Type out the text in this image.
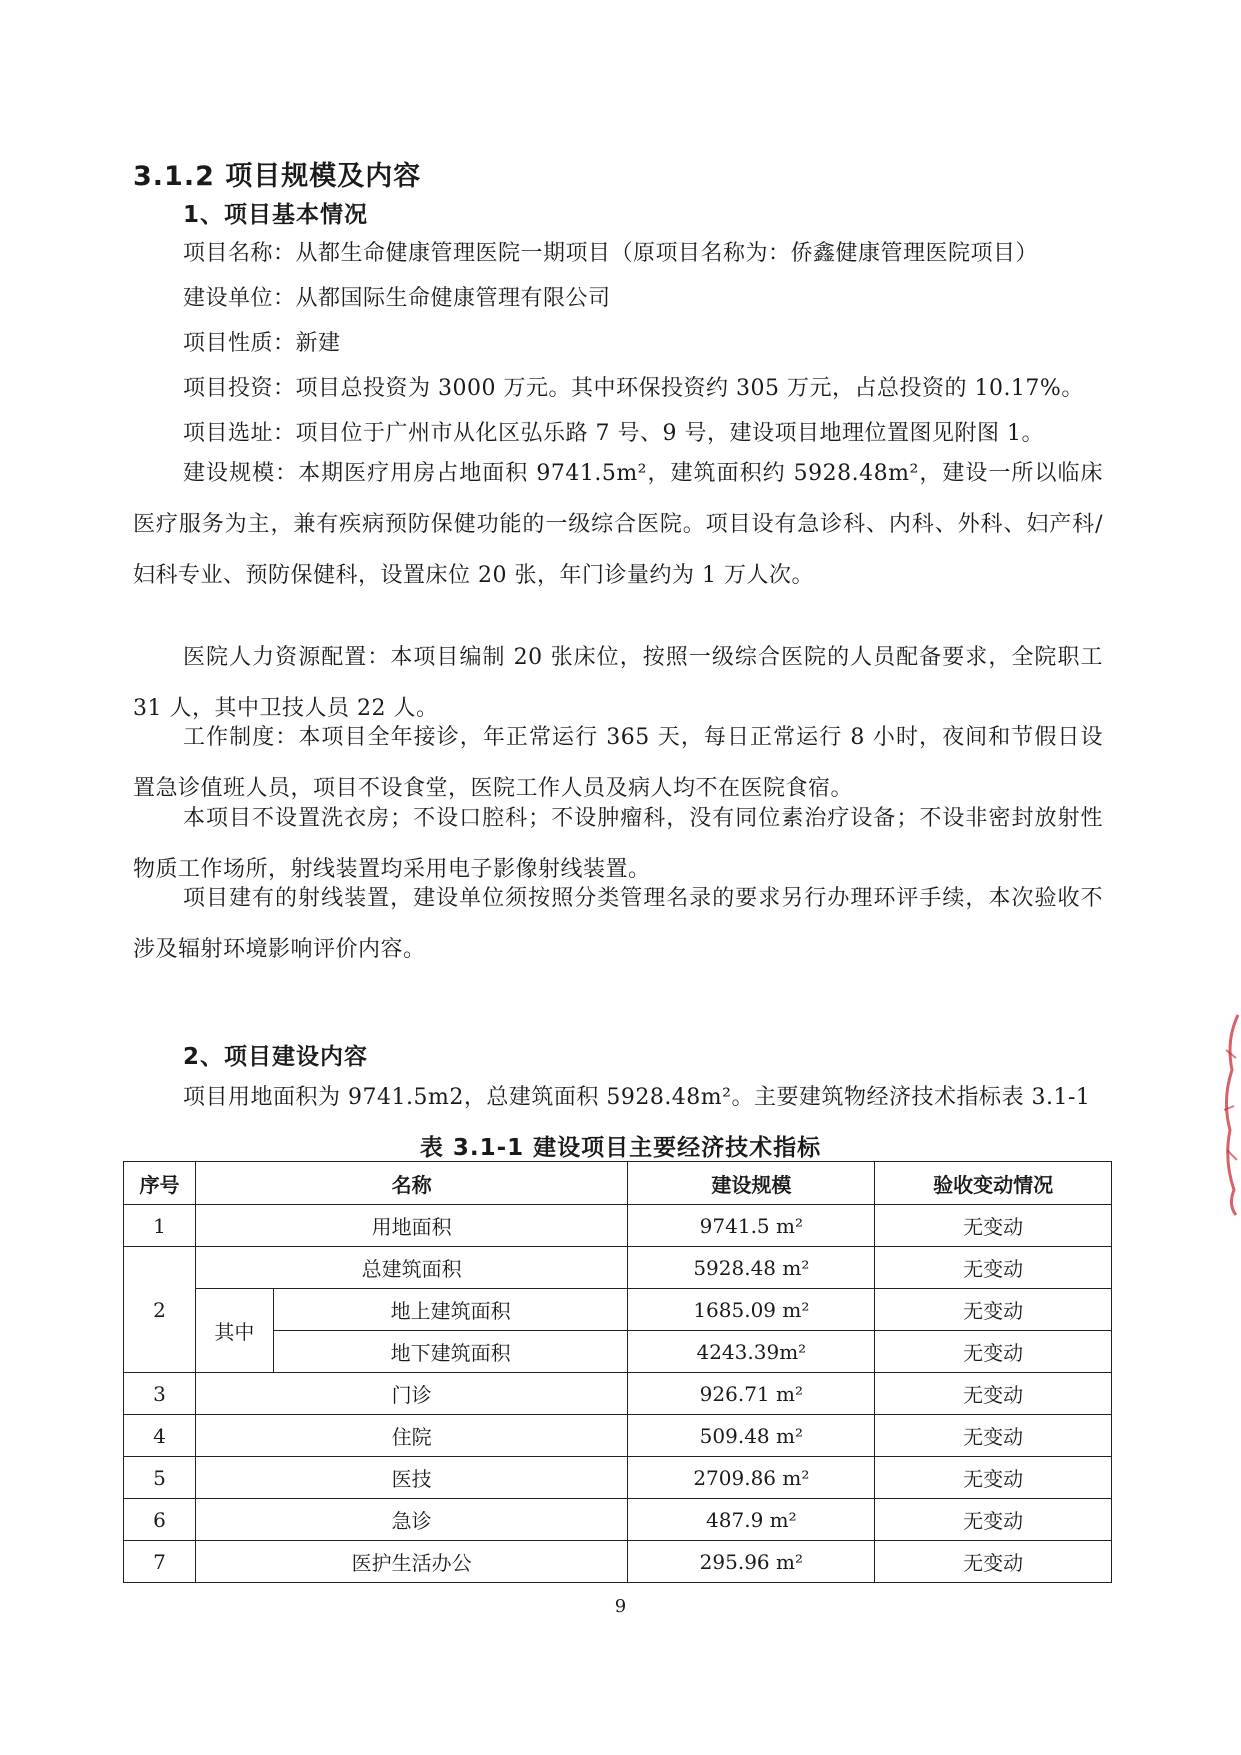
3.1.2 项目规模及内容
1、项目基本情况
项目名称：从都生命健康管理医院一期项目（原项目名称为：侨鑫健康管理医院项目）
建设单位：从都国际生命健康管理有限公司
项目性质：新建
项目投资：项目总投资为 3000 万元。其中环保投资约 305 万元，占总投资的 10.17%。
项目选址：项目位于广州市从化区弘乐路 7 号、9 号，建设项目地理位置图见附图 1。
建设规模：本期医疗用房占地面积 9741.5m²，建筑面积约 5928.48m²，建设一所以临床医疗服务为主，兼有疾病预防保健功能的一级综合医院。项目设有急诊科、内科、外科、妇产科/妇科专业、预防保健科，设置床位 20 张，年门诊量约为 1 万人次。
医院人力资源配置：本项目编制 20 张床位，按照一级综合医院的人员配备要求，全院职工 31 人，其中卫技人员 22 人。
工作制度：本项目全年接诊，年正常运行 365 天，每日正常运行 8 小时，夜间和节假日设置急诊值班人员，项目不设食堂，医院工作人员及病人均不在医院食宿。
本项目不设置洗衣房；不设口腔科；不设肿瘤科，没有同位素治疗设备；不设非密封放射性物质工作场所，射线装置均采用电子影像射线装置。
项目建有的射线装置，建设单位须按照分类管理名录的要求另行办理环评手续，本次验收不涉及辐射环境影响评价内容。
2、项目建设内容
项目用地面积为 9741.5m2，总建筑面积 5928.48m²。主要建筑物经济技术指标表 3.1-1
表 3.1-1 建设项目主要经济技术指标
序号	名称		建设规模	验收变动情况
1	用地面积		9741.5 m²	无变动
2	总建筑面积		5928.48 m²	无变动
	其中	地上建筑面积	1685.09 m²	无变动
		地下建筑面积	4243.39m²	无变动
3	门诊		926.71 m²	无变动
4	住院		509.48 m²	无变动
5	医技		2709.86 m²	无变动
6	急诊		487.9 m²	无变动
7	医护生活办公		295.96 m²	无变动
9
